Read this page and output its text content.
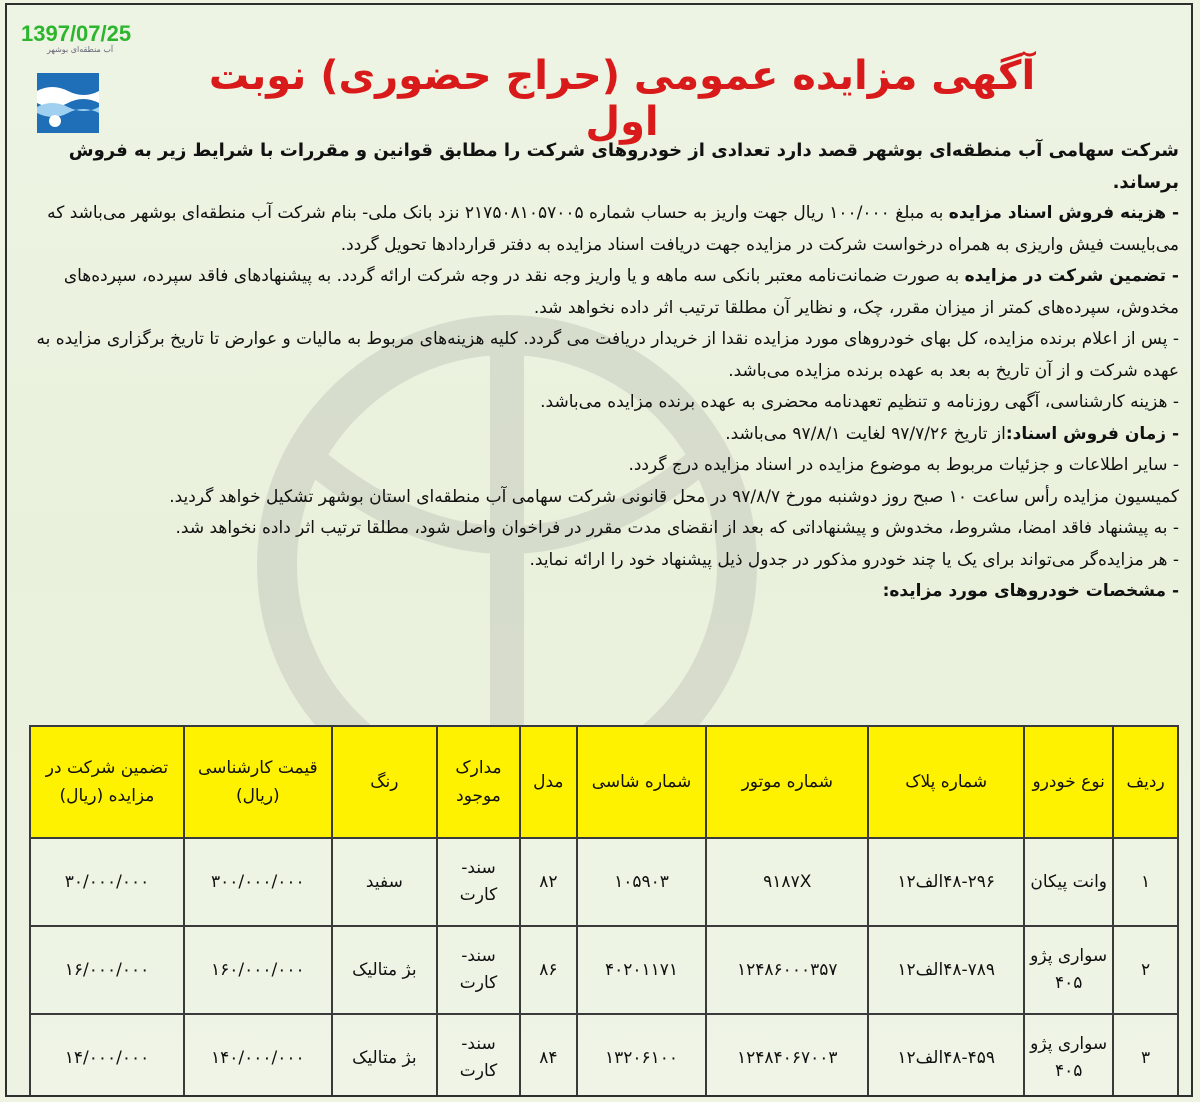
1397/07/25
آب منطقه‌ای بوشهر
آگهی مزایده عمومی (حراج حضوری) نوبت اول

شرکت سهامی آب منطقه‌ای بوشهر قصد دارد تعدادی از خودروهای شرکت را مطابق قوانین و مقررات با شرایط زیر به فروش برساند.

- هزینه فروش اسناد مزایده به مبلغ ۱۰۰/۰۰۰ ریال جهت واریز به حساب شماره ۲۱۷۵۰۸۱۰۵۷۰۰۵ نزد بانک ملی- بنام شرکت آب منطقه‌ای بوشهر می‌باشد که می‌بایست فیش واریزی به همراه درخواست شرکت در مزایده جهت دریافت اسناد مزایده به دفتر قراردادها تحویل گردد.

- تضمین شرکت در مزایده به صورت ضمانت‌نامه معتبر بانکی سه ماهه و یا واریز وجه نقد در وجه شرکت ارائه گردد. به پیشنهادهای فاقد سپرده، سپرده‌های مخدوش، سپرده‌های کمتر از میزان مقرر، چک، و نظایر آن مطلقا ترتیب اثر داده نخواهد شد.

- پس از اعلام برنده مزایده، کل بهای خودروهای مورد مزایده نقدا از خریدار دریافت می گردد. کلیه هزینه‌های مربوط به مالیات و عوارض تا تاریخ برگزاری مزایده به عهده شرکت و از آن تاریخ به بعد به عهده برنده مزایده می‌باشد.

- هزینه کارشناسی، آگهی روزنامه و تنظیم تعهدنامه محضری به عهده برنده مزایده می‌باشد.

- زمان فروش اسناد:از تاریخ ۹۷/۷/۲۶ لغایت ۹۷/۸/۱ می‌باشد.

- سایر اطلاعات و جزئیات مربوط به موضوع مزایده در اسناد مزایده درج گردد.

کمیسیون مزایده رأس ساعت ۱۰ صبح روز دوشنبه مورخ ۹۷/۸/۷ در محل قانونی شرکت سهامی آب منطقه‌ای استان بوشهر تشکیل خواهد گردید.

- به پیشنهاد فاقد امضا، مشروط، مخدوش و پیشنهاداتی که بعد از انقضای مدت مقرر در فراخوان واصل شود، مطلقا ترتیب اثر داده نخواهد شد.

- هر مزایده‌گر می‌تواند برای یک یا چند خودرو مذکور در جدول ذیل پیشنهاد خود را ارائه نماید.

- مشخصات خودروهای مورد مزایده:

ردیف	نوع خودرو	شماره پلاک	شماره موتور	شماره شاسی	مدل	مدارک موجود	رنگ	قیمت کارشناسی (ریال)	تضمین شرکت در مزایده (ریال)
۱	وانت پیکان	۴۸-۲۹۶الف۱۲	۹۱۸۷X	۱۰۵۹۰۳	۸۲	سند- کارت	سفید	۳۰۰/۰۰۰/۰۰۰	۳۰/۰۰۰/۰۰۰
۲	سواری پژو ۴۰۵	۴۸-۷۸۹الف۱۲	۱۲۴۸۶۰۰۰۳۵۷	۴۰۲۰۱۱۷۱	۸۶	سند- کارت	بژ متالیک	۱۶۰/۰۰۰/۰۰۰	۱۶/۰۰۰/۰۰۰
۳	سواری پژو ۴۰۵	۴۸-۴۵۹الف۱۲	۱۲۴۸۴۰۶۷۰۰۳	۱۳۲۰۶۱۰۰	۸۴	سند- کارت	بژ متالیک	۱۴۰/۰۰۰/۰۰۰	۱۴/۰۰۰/۰۰۰
